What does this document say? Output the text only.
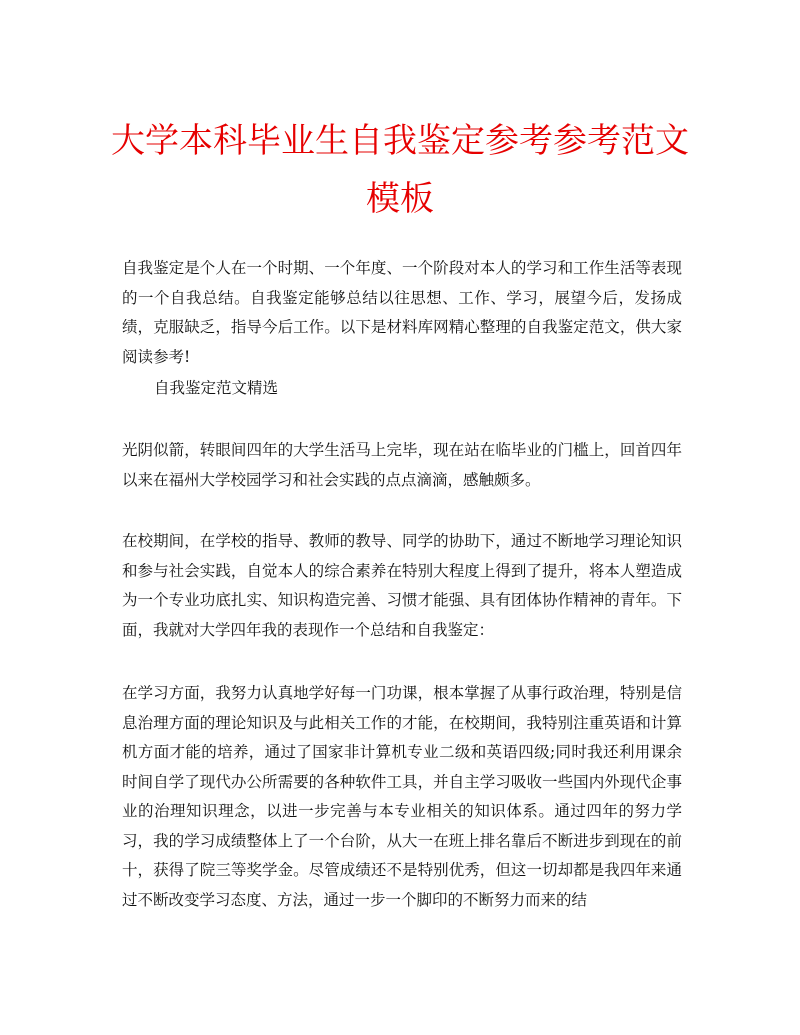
大学本科毕业生自我鉴定参考参考范文模板

自我鉴定是个人在一个时期、一个年度、一个阶段对本人的学习和工作生活等表现的一个自我总结。自我鉴定能够总结以往思想、工作、学习，展望今后，发扬成绩，克服缺乏，指导今后工作。以下是材料库网精心整理的自我鉴定范文，供大家阅读参考!

自我鉴定范文精选

光阴似箭，转眼间四年的大学生活马上完毕，现在站在临毕业的门槛上，回首四年以来在福州大学校园学习和社会实践的点点滴滴，感触颇多。

在校期间，在学校的指导、教师的教导、同学的协助下，通过不断地学习理论知识和参与社会实践，自觉本人的综合素养在特别大程度上得到了提升，将本人塑造成为一个专业功底扎实、知识构造完善、习惯才能强、具有团体协作精神的青年。下面，我就对大学四年我的表现作一个总结和自我鉴定：

在学习方面，我努力认真地学好每一门功课，根本掌握了从事行政治理，特别是信息治理方面的理论知识及与此相关工作的才能，在校期间，我特别注重英语和计算机方面才能的培养，通过了国家非计算机专业二级和英语四级;同时我还利用课余时间自学了现代办公所需要的各种软件工具，并自主学习吸收一些国内外现代企事业的治理知识理念，以进一步完善与本专业相关的知识体系。通过四年的努力学习，我的学习成绩整体上了一个台阶，从大一在班上排名靠后不断进步到现在的前十，获得了院三等奖学金。尽管成绩还不是特别优秀，但这一切却都是我四年来通过不断改变学习态度、方法，通过一步一个脚印的不断努力而来的结
